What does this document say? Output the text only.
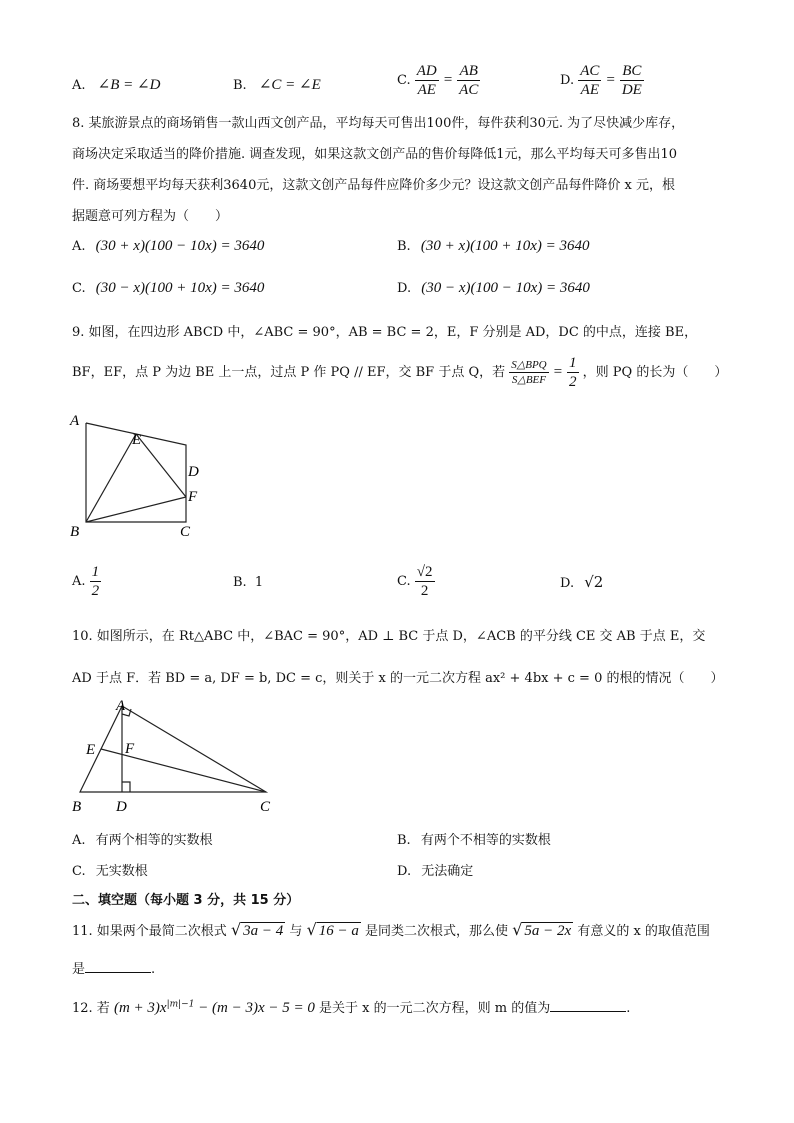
A. ∠B = ∠D	B. ∠C = ∠E	C. $\frac{AD}{AE} = \frac{AB}{AC}$	D. $\frac{AC}{AE} = \frac{BC}{DE}$
8. 某旅游景点的商场销售一款山西文创产品，平均每天可售出100件，每件获利30元. 为了尽快减少库存，
商场决定采取适当的降价措施. 调查发现，如果这款文创产品的售价每降低1元，那么平均每天可多售出10
件. 商场要想平均每天获利3640元，这款文创产品每件应降价多少元？设这款文创产品每件降价 x 元，根
据题意可列方程为（　　）
A. (30 + x)(100 − 10x) = 3640	B. (30 + x)(100 + 10x) = 3640
C. (30 − x)(100 + 10x) = 3640	D. (30 − x)(100 − 10x) = 3640
9. 如图，在四边形 ABCD 中，∠ABC = 90°，AB = BC = 2，E，F 分别是 AD，DC 的中点，连接 BE，
BF，EF，点 P 为边 BE 上一点，过点 P 作 PQ // EF，交 BF 于点 Q，若 $\frac{\text{S△BPQ}}{\text{S△BEF}} = \frac{1}{2}$ ，则 PQ 的长为（　　）
A
B	C
D
E
F
A. $\frac{1}{2}$	B. 1	C. $\frac{√2}{2}$	D. √2
10. 如图所示，在 Rt△ABC 中，∠BAC = 90°，AD ⊥ BC 于点 D，∠ACB 的平分线 CE 交 AB 于点 E，交
AD 于点 F．若 BD = a, DF = b, DC = c，则关于 x 的一元二次方程 ax² + 4bx + c = 0 的根的情况（　　）
A
B	C
D
E F
A. 有两个相等的实数根	B. 有两个不相等的实数根
C. 无实数根	D. 无法确定
二、填空题（每小题 3 分，共 15 分）
11. 如果两个最简二次根式 √ 3a − 4 与 √ 16 − a 是同类二次根式，那么使 √ 5a − 2x 有意义的 x 的取值范围
是	.
12. 若 $(m + 3)x^{|m|-1} - (m - 3)x - 5 = 0$ 是关于 x 的一元二次方程，则 m 的值为	.
